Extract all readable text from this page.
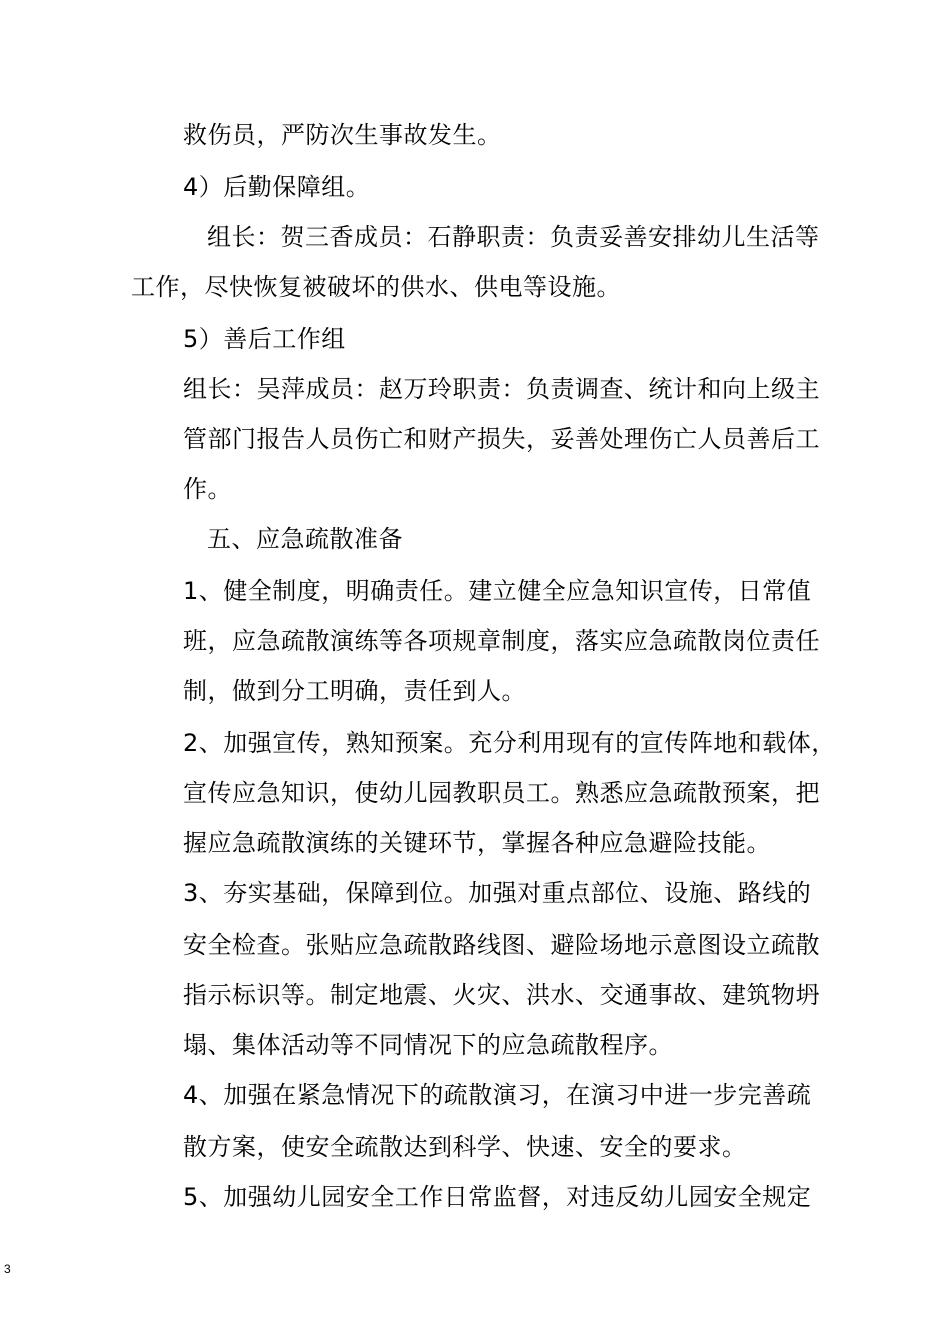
救伤员，严防次生事故发生。
4）后勤保障组。
组长：贺三香成员：石静职责：负责妥善安排幼儿生活等
工作，尽快恢复被破坏的供水、供电等设施。
5）善后工作组
组长：吴萍成员：赵万玲职责：负责调查、统计和向上级主
管部门报告人员伤亡和财产损失，妥善处理伤亡人员善后工
作。
五、应急疏散准备
1、健全制度，明确责任。建立健全应急知识宣传，日常值
班，应急疏散演练等各项规章制度，落实应急疏散岗位责任
制，做到分工明确，责任到人。
2、加强宣传，熟知预案。充分利用现有的宣传阵地和载体，
宣传应急知识，使幼儿园教职员工。熟悉应急疏散预案，把
握应急疏散演练的关键环节，掌握各种应急避险技能。
3、夯实基础，保障到位。加强对重点部位、设施、路线的
安全检查。张贴应急疏散路线图、避险场地示意图设立疏散
指示标识等。制定地震、火灾、洪水、交通事故、建筑物坍
塌、集体活动等不同情况下的应急疏散程序。
4、加强在紧急情况下的疏散演习，在演习中进一步完善疏
散方案，使安全疏散达到科学、快速、安全的要求。
5、加强幼儿园安全工作日常监督，对违反幼儿园安全规定
3
